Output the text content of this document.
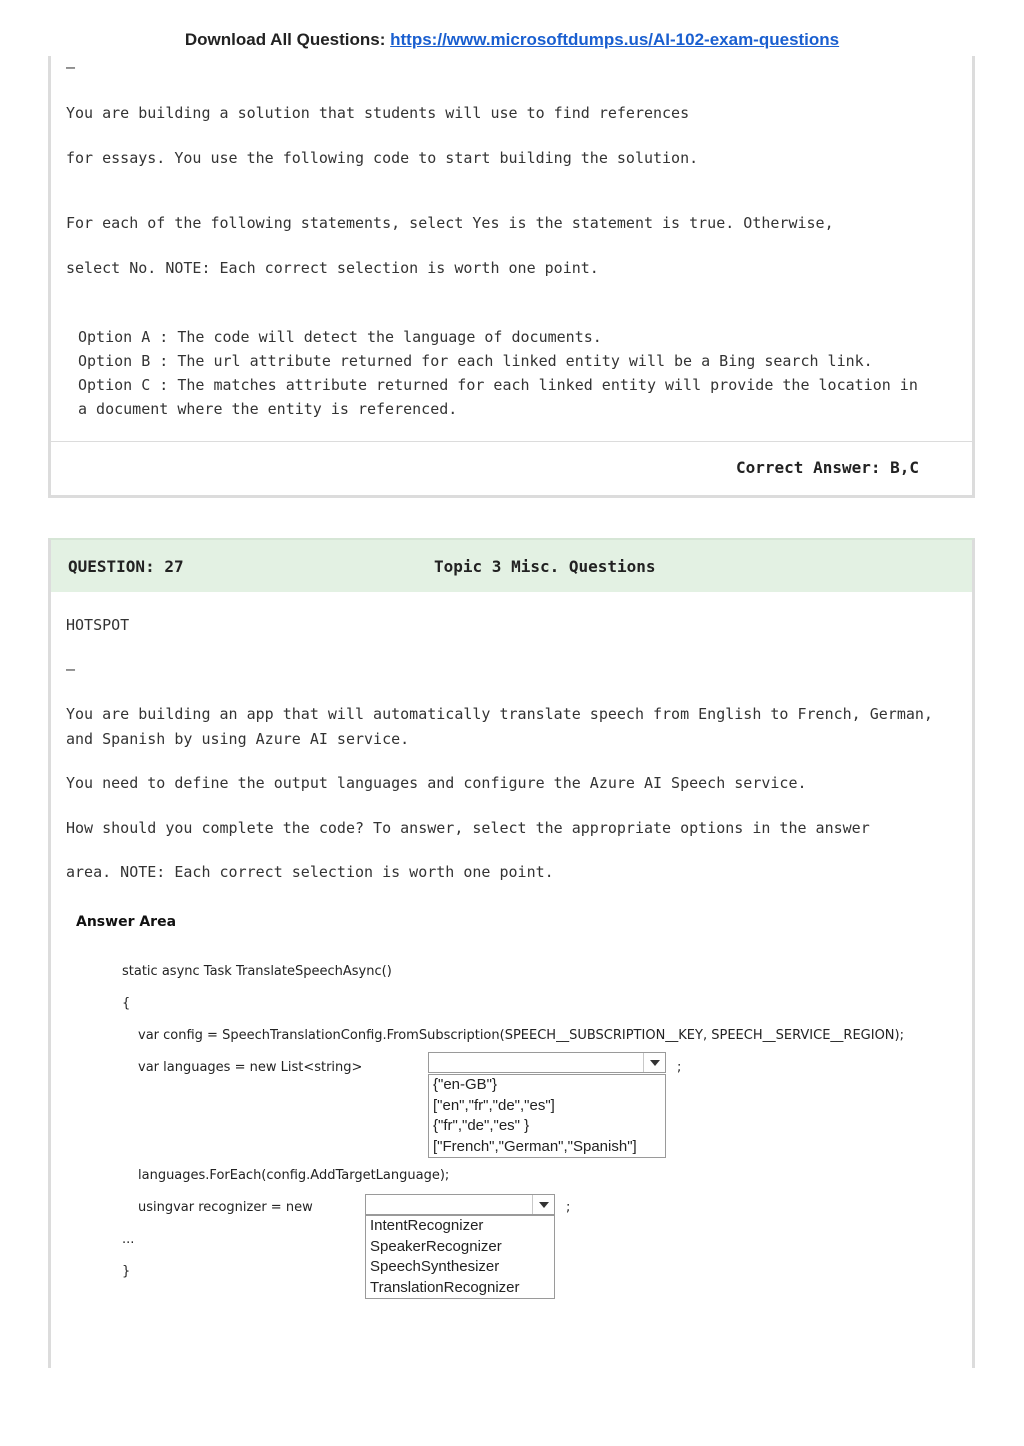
Download All Questions: https://www.microsoftdumps.us/AI-102-exam-questions
–
You are building a solution that students will use to find references
for essays. You use the following code to start building the solution.
For each of the following statements, select Yes is the statement is true. Otherwise,
select No. NOTE: Each correct selection is worth one point.
Option A : The code will detect the language of documents.
Option B : The url attribute returned for each linked entity will be a Bing search link.
Option C : The matches attribute returned for each linked entity will provide the location in
a document where the entity is referenced.
Correct Answer: B,C
QUESTION: 27	Topic 3 Misc. Questions
HOTSPOT
–
You are building an app that will automatically translate speech from English to French, German,
and Spanish by using Azure AI service.
You need to define the output languages and configure the Azure AI Speech service.
How should you complete the code? To answer, select the appropriate options in the answer
area. NOTE: Each correct selection is worth one point.
Answer Area
static async Task TranslateSpeechAsync()
{
var config = SpeechTranslationConfig.FromSubscription(SPEECH__SUBSCRIPTION__KEY, SPEECH__SERVICE__REGION);
var languages = new List<string>	;
{"en-GB"}
["en","fr","de","es"]
{"fr","de","es" }
["French","German","Spanish"]
languages.ForEach(config.AddTargetLanguage);
usingvar recognizer = new	;
IntentRecognizer
SpeakerRecognizer
SpeechSynthesizer
TranslationRecognizer
...
}
